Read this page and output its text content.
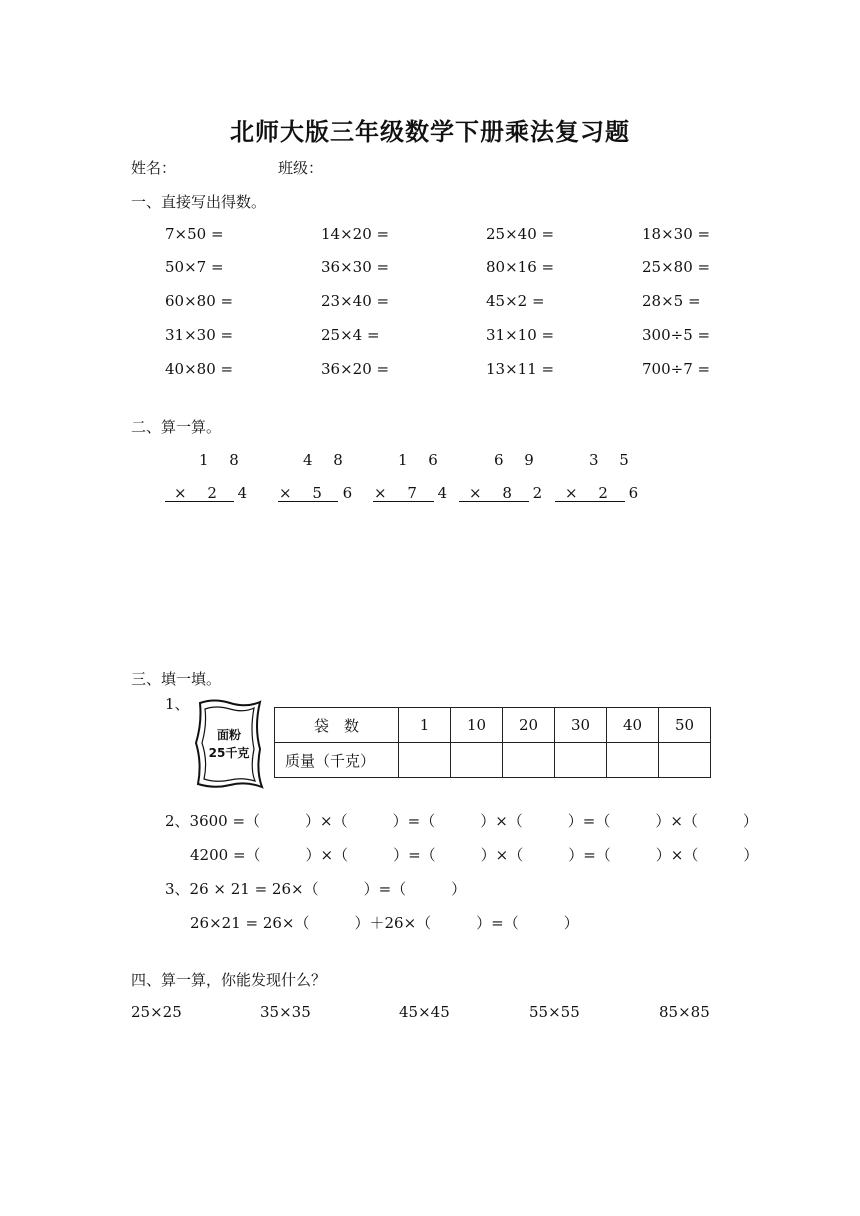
北师大版三年级数学下册乘法复习题
姓名：	班级：
一、直接写出得数。
7×50 =	14×20 =	25×40 =	18×30 =
50×7 =	36×30 =	80×16 =	25×80 =
60×80 =	23×40 =	45×2 =	28×5 =
31×30 =	25×4 =	31×10 =	300÷5 =
40×80 =	36×20 =	13×11 =	700÷7 =
二、算一算。
1 8
× 2 4
4 8
× 5 6
1 6
× 7 4
6 9
× 8 2
3 5
× 2 6
三、填一填。
1、
面粉
25千克
袋　数	1	10	20	30	40	50
质量（千克）						
2、3600 =（　　　）×（　　　）=（　　　）×（　　　）=（　　　）×（　　　）
4200 =（　　　）×（　　　）=（　　　）×（　　　）=（　　　）×（　　　）
3、26 × 21 = 26×（　　　）=（　　　）
26×21 = 26×（　　　）＋26×（　　　）=（　　　）
四、算一算，你能发现什么？
25×25	35×35	45×45	55×55	85×85
